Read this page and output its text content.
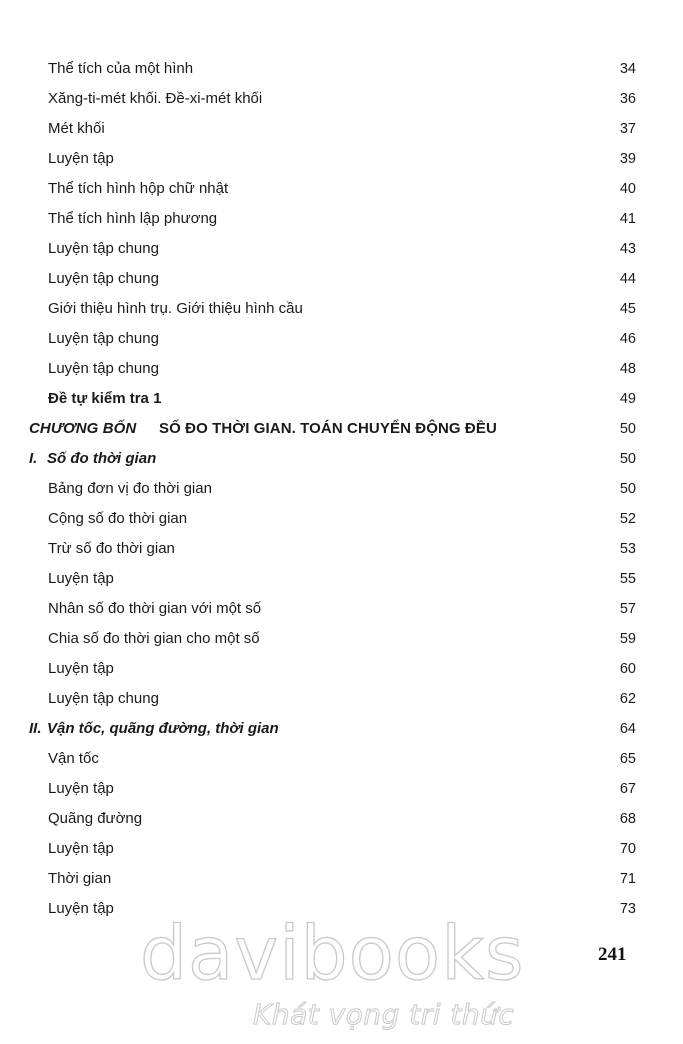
Thể tích của một hình	34
Xăng-ti-mét khối. Đề-xi-mét khối	36
Mét khối	37
Luyện tập	39
Thể tích hình hộp chữ nhật	40
Thể tích hình lập phương	41
Luyện tập chung	43
Luyện tập chung	44
Giới thiệu hình trụ. Giới thiệu hình cầu	45
Luyện tập chung	46
Luyện tập chung	48
Đề tự kiểm tra 1	49
CHƯƠNG BỐN SỐ ĐO THỜI GIAN. TOÁN CHUYỂN ĐỘNG ĐỀU	50
I. Số đo thời gian	50
Bảng đơn vị đo thời gian	50
Cộng số đo thời gian	52
Trừ số đo thời gian	53
Luyện tập	55
Nhân số đo thời gian với một số	57
Chia số đo thời gian cho một số	59
Luyện tập	60
Luyện tập chung	62
II. Vận tốc, quãng đường, thời gian	64
Vận tốc	65
Luyện tập	67
Quãng đường	68
Luyện tập	70
Thời gian	71
Luyện tập	73
davibooks
Khát vọng tri thức
241
